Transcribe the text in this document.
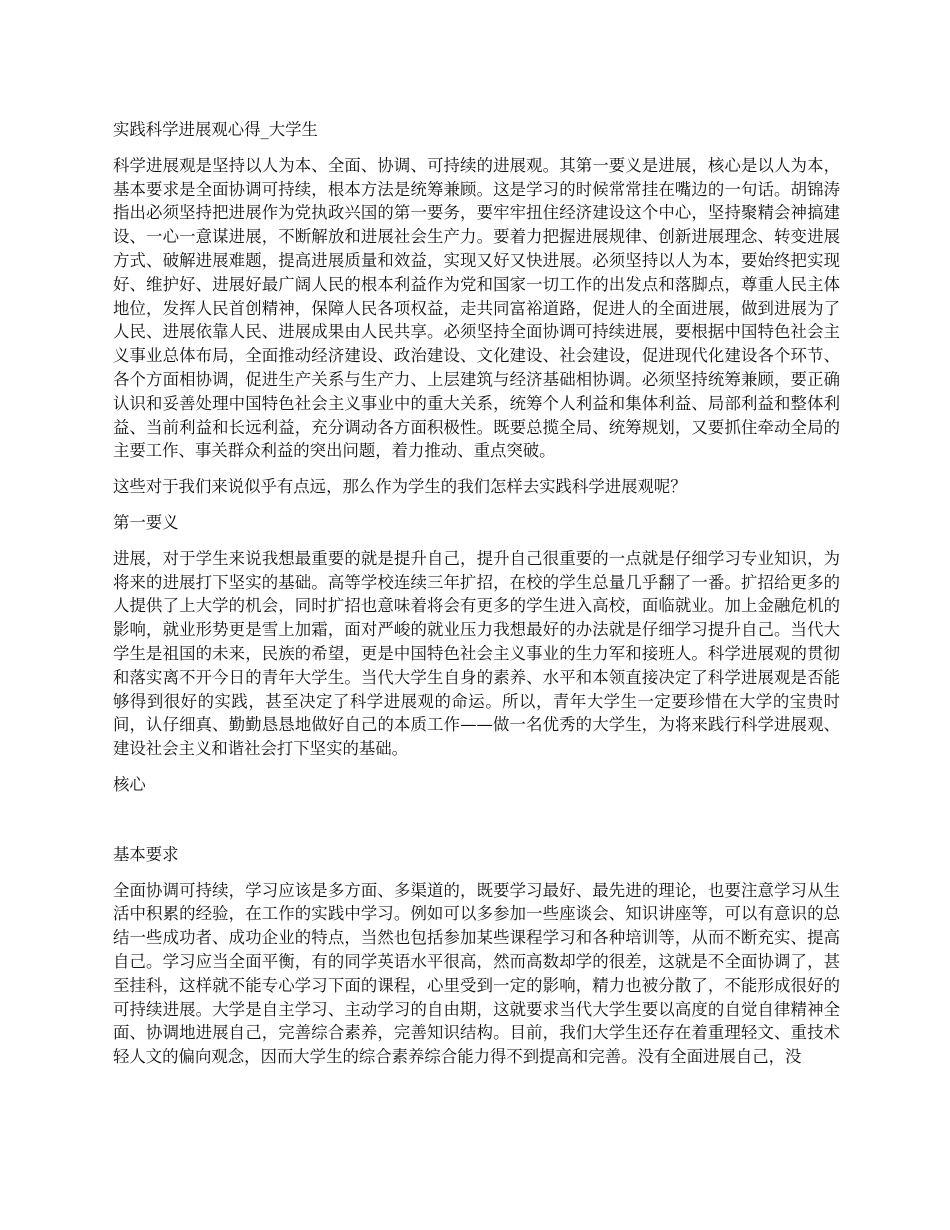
实践科学进展观心得_大学生

科学进展观是坚持以人为本、全面、协调、可持续的进展观。其第一要义是进展，核心是以人为本，基本要求是全面协调可持续，根本方法是统筹兼顾。这是学习的时候常常挂在嘴边的一句话。胡锦涛指出必须坚持把进展作为党执政兴国的第一要务，要牢牢扭住经济建设这个中心，坚持聚精会神搞建设、一心一意谋进展，不断解放和进展社会生产力。要着力把握进展规律、创新进展理念、转变进展方式、破解进展难题，提高进展质量和效益，实现又好又快进展。必须坚持以人为本，要始终把实现好、维护好、进展好最广阔人民的根本利益作为党和国家一切工作的出发点和落脚点，尊重人民主体地位，发挥人民首创精神，保障人民各项权益，走共同富裕道路，促进人的全面进展，做到进展为了人民、进展依靠人民、进展成果由人民共享。必须坚持全面协调可持续进展，要根据中国特色社会主义事业总体布局，全面推动经济建设、政治建设、文化建设、社会建设，促进现代化建设各个环节、各个方面相协调，促进生产关系与生产力、上层建筑与经济基础相协调。必须坚持统筹兼顾，要正确认识和妥善处理中国特色社会主义事业中的重大关系，统筹个人利益和集体利益、局部利益和整体利益、当前利益和长远利益，充分调动各方面积极性。既要总揽全局、统筹规划，又要抓住牵动全局的主要工作、事关群众利益的突出问题，着力推动、重点突破。

这些对于我们来说似乎有点远，那么作为学生的我们怎样去实践科学进展观呢？

第一要义

进展，对于学生来说我想最重要的就是提升自己，提升自己很重要的一点就是仔细学习专业知识，为将来的进展打下坚实的基础。高等学校连续三年扩招，在校的学生总量几乎翻了一番。扩招给更多的人提供了上大学的机会，同时扩招也意味着将会有更多的学生进入高校，面临就业。加上金融危机的影响，就业形势更是雪上加霜，面对严峻的就业压力我想最好的办法就是仔细学习提升自己。当代大学生是祖国的未来，民族的希望，更是中国特色社会主义事业的生力军和接班人。科学进展观的贯彻和落实离不开今日的青年大学生。当代大学生自身的素养、水平和本领直接决定了科学进展观是否能够得到很好的实践，甚至决定了科学进展观的命运。所以，青年大学生一定要珍惜在大学的宝贵时间，认仔细真、勤勤恳恳地做好自己的本质工作——做一名优秀的大学生，为将来践行科学进展观、建设社会主义和谐社会打下坚实的基础。

核心
基本要求

全面协调可持续，学习应该是多方面、多渠道的，既要学习最好、最先进的理论，也要注意学习从生活中积累的经验，在工作的实践中学习。例如可以多参加一些座谈会、知识讲座等，可以有意识的总结一些成功者、成功企业的特点，当然也包括参加某些课程学习和各种培训等，从而不断充实、提高自己。学习应当全面平衡，有的同学英语水平很高，然而高数却学的很差，这就是不全面协调了，甚至挂科，这样就不能专心学习下面的课程，心里受到一定的影响，精力也被分散了，不能形成很好的可持续进展。大学是自主学习、主动学习的自由期，这就要求当代大学生要以高度的自觉自律精神全面、协调地进展自己，完善综合素养，完善知识结构。目前，我们大学生还存在着重理轻文、重技术轻人文的偏向观念，因而大学生的综合素养综合能力得不到提高和完善。没有全面进展自己，没
